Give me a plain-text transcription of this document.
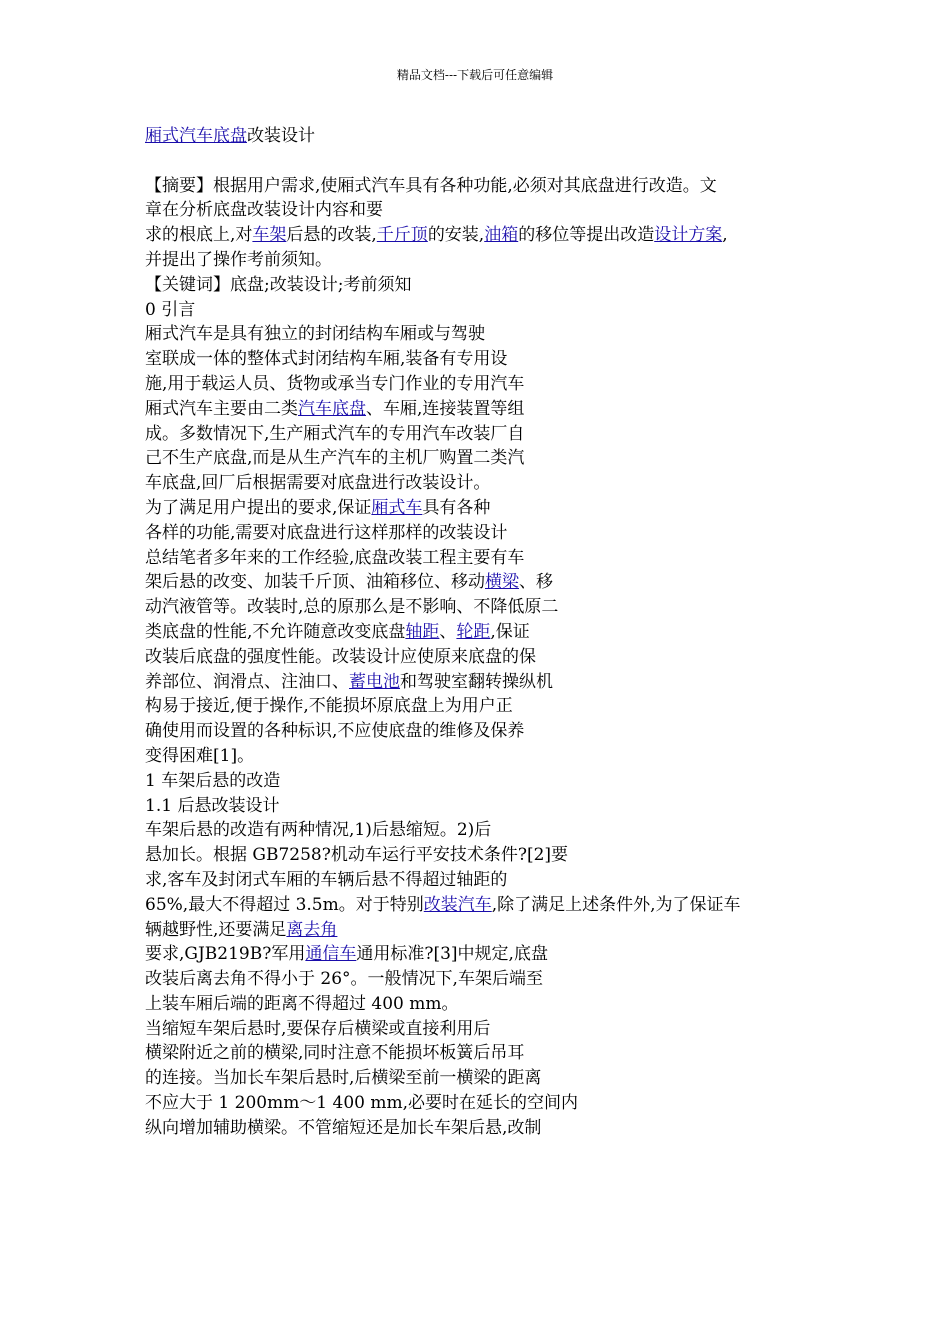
精品文档---下载后可任意编辑
厢式汽车底盘改装设计
【摘要】根据用户需求,使厢式汽车具有各种功能,必须对其底盘进行改造。文
章在分析底盘改装设计内容和要
求的根底上,对车架后悬的改装,千斤顶的安装,油箱的移位等提出改造设计方案,
并提出了操作考前须知。
【关键词】底盘;改装设计;考前须知
0 引言
厢式汽车是具有独立的封闭结构车厢或与驾驶
室联成一体的整体式封闭结构车厢,装备有专用设
施,用于载运人员、货物或承当专门作业的专用汽车
厢式汽车主要由二类汽车底盘、车厢,连接装置等组
成。多数情况下,生产厢式汽车的专用汽车改装厂自
己不生产底盘,而是从生产汽车的主机厂购置二类汽
车底盘,回厂后根据需要对底盘进行改装设计。
为了满足用户提出的要求,保证厢式车具有各种
各样的功能,需要对底盘进行这样那样的改装设计
总结笔者多年来的工作经验,底盘改装工程主要有车
架后悬的改变、加装千斤顶、油箱移位、移动横梁、移
动汽液管等。改装时,总的原那么是不影响、不降低原二
类底盘的性能,不允许随意改变底盘轴距、轮距,保证
改装后底盘的强度性能。改装设计应使原来底盘的保
养部位、润滑点、注油口、蓄电池和驾驶室翻转操纵机
构易于接近,便于操作,不能损坏原底盘上为用户正
确使用而设置的各种标识,不应使底盘的维修及保养
变得困难[1]。
1 车架后悬的改造
1.1 后悬改装设计
车架后悬的改造有两种情况,1)后悬缩短。2)后
悬加长。根据 GB7258?机动车运行平安技术条件?[2]要
求,客车及封闭式车厢的车辆后悬不得超过轴距的
65%,最大不得超过 3.5m。对于特别改装汽车,除了满足上述条件外,为了保证车
辆越野性,还要满足离去角
要求,GJB219B?军用通信车通用标准?[3]中规定,底盘
改装后离去角不得小于 26°。一般情况下,车架后端至
上装车厢后端的距离不得超过 400 mm。
当缩短车架后悬时,要保存后横梁或直接利用后
横梁附近之前的横梁,同时注意不能损坏板簧后吊耳
的连接。当加长车架后悬时,后横梁至前一横梁的距离
不应大于 1 200mm～1 400 mm,必要时在延长的空间内
纵向增加辅助横梁。不管缩短还是加长车架后悬,改制
